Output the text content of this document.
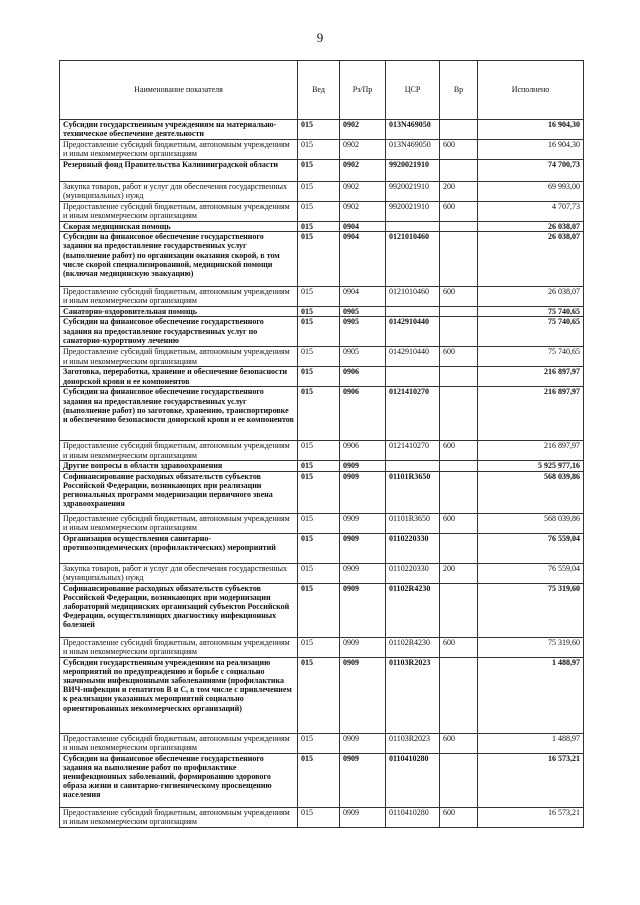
9
Наименование показателя	Вед	Рз/Пр	ЦСР	Вр	Исполнено
Субсидии государственным учреждениям на материально-техническое обеспечение деятельности	015	0902	013N469050		16 904,30
Предоставление субсидий бюджетным, автономным учреждениям и иным некоммерческим организациям	015	0902	013N469050	600	16 904,30
Резервный фонд Правительства Калининградской области	015	0902	9920021910		74 700,73
Закупка товаров, работ и услуг для обеспечения государственных (муниципальных) нужд	015	0902	9920021910	200	69 993,00
Предоставление субсидий бюджетным, автономным учреждениям и иным некоммерческим организациям	015	0902	9920021910	600	4 707,73
Скорая медицинская помощь	015	0904			26 038,07
Субсидии на финансовое обеспечение государственного задания на предоставление государственных услуг (выполнение работ) по организации оказания скорой, в том числе скорой специализированной, медицинской помощи (включая медицинскую эвакуацию)	015	0904	0121010460		26 038,07
Предоставление субсидий бюджетным, автономным учреждениям и иным некоммерческим организациям	015	0904	0121010460	600	26 038,07
Санаторно-оздоровительная помощь	015	0905			75 740,65
Субсидии на финансовое обеспечение государственного задания на предоставление государственных услуг по санаторно-курортному лечению	015	0905	0142910440		75 740,65
Предоставление субсидий бюджетным, автономным учреждениям и иным некоммерческим организациям	015	0905	0142910440	600	75 740,65
Заготовка, переработка, хранение и обеспечение безопасности донорской крови и ее компонентов	015	0906			216 897,97
Субсидии на финансовое обеспечение государственного задания на предоставление государственных услуг (выполнение работ) по заготовке, хранению, транспортировке и обеспечению безопасности донорской крови и ее компонентов	015	0906	0121410270		216 897,97
Предоставление субсидий бюджетным, автономным учреждениям и иным некоммерческим организациям	015	0906	0121410270	600	216 897,97
Другие вопросы в области здравоохранения	015	0909			5 925 977,16
Софинансирование расходных обязательств субъектов Российской Федерации, возникающих при реализации региональных программ модернизации первичного звена здравоохранения	015	0909	01101R3650		568 039,86
Предоставление субсидий бюджетным, автономным учреждениям и иным некоммерческим организациям	015	0909	01101R3650	600	568 039,86
Организация осуществления санитарно-противоэпидемических (профилактических) мероприятий	015	0909	0110220330		76 559,04
Закупка товаров, работ и услуг для обеспечения государственных (муниципальных) нужд	015	0909	0110220330	200	76 559,04
Софинансирование расходных обязательств субъектов Российской Федерации, возникающих при модернизации лабораторий медицинских организаций субъектов Российской Федерации, осуществляющих диагностику инфекционных болезней	015	0909	01102R4230		75 319,60
Предоставление субсидий бюджетным, автономным учреждениям и иным некоммерческим организациям	015	0909	01102R4230	600	75 319,60
Субсидии государственным учреждениям на реализацию мероприятий по предупреждению и борьбе с социально значимыми инфекционными заболеваниями (профилактика ВИЧ-инфекции и гепатитов В и С, в том числе с привлечением к реализации указанных мероприятий социально ориентированных некоммерческих организаций)	015	0909	01103R2023		1 488,97
Предоставление субсидий бюджетным, автономным учреждениям и иным некоммерческим организациям	015	0909	01103R2023	600	1 488,97
Субсидии на финансовое обеспечение государственного задания на выполнение работ по профилактике неинфекционных заболеваний, формированию здорового образа жизни и санитарно-гигиеническому просвещению населения	015	0909	0110410280		16 573,21
Предоставление субсидий бюджетным, автономным учреждениям и иным некоммерческим организациям	015	0909	0110410280	600	16 573,21
